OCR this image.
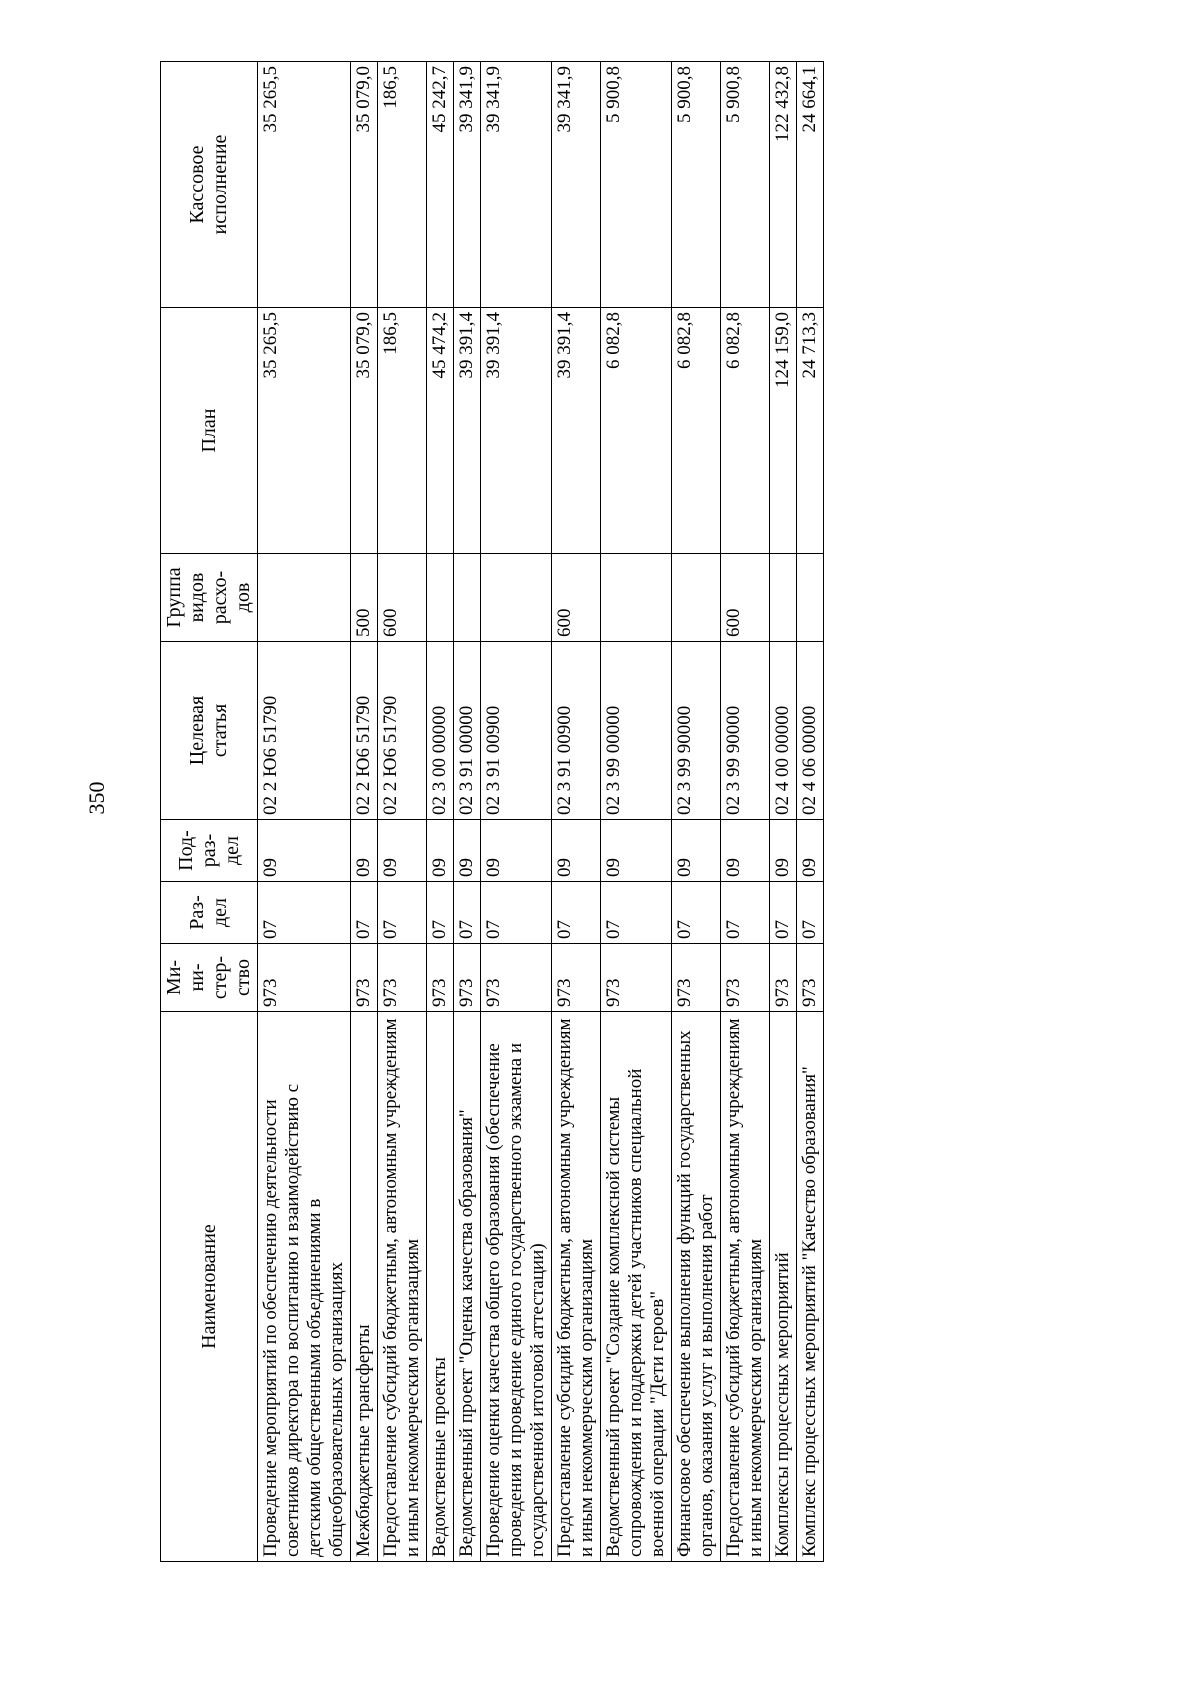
350
Наименование	Ми-
ни-
стер-
ство	Раз-
дел	Под-
раз-
дел	Целевая
статья	Группа
видов
расхо-
дов	План	Кассовое
исполнение
Проведение мероприятий по обеспечению деятельности советников директора по воспитанию и взаимодействию с детскими общественными объединениями в общеобразовательных организациях	973	07	09	02 2 Ю6 51790		35 265,5	35 265,5
Межбюджетные трансферты	973	07	09	02 2 Ю6 51790	500	35 079,0	35 079,0
Предоставление субсидий бюджетным, автономным учреждениям и иным некоммерческим организациям	973	07	09	02 2 Ю6 51790	600	186,5	186,5
Ведомственные проекты	973	07	09	02 3 00 00000		45 474,2	45 242,7
Ведомственный проект "Оценка качества образования"	973	07	09	02 3 91 00000		39 391,4	39 341,9
Проведение оценки качества общего образования (обеспечение проведения и проведение единого государственного экзамена и государственной итоговой аттестации)	973	07	09	02 3 91 00900		39 391,4	39 341,9
Предоставление субсидий бюджетным, автономным учреждениям и иным некоммерческим организациям	973	07	09	02 3 91 00900	600	39 391,4	39 341,9
Ведомственный проект "Создание комплексной системы сопровождения и поддержки детей участников специальной военной операции "Дети героев"	973	07	09	02 3 99 00000		6 082,8	5 900,8
Финансовое обеспечение выполнения функций государственных органов, оказания услуг и выполнения работ	973	07	09	02 3 99 90000		6 082,8	5 900,8
Предоставление субсидий бюджетным, автономным учреждениям и иным некоммерческим организациям	973	07	09	02 3 99 90000	600	6 082,8	5 900,8
Комплексы процессных мероприятий	973	07	09	02 4 00 00000		124 159,0	122 432,8
Комплекс процессных мероприятий "Качество образования"	973	07	09	02 4 06 00000		24 713,3	24 664,1
